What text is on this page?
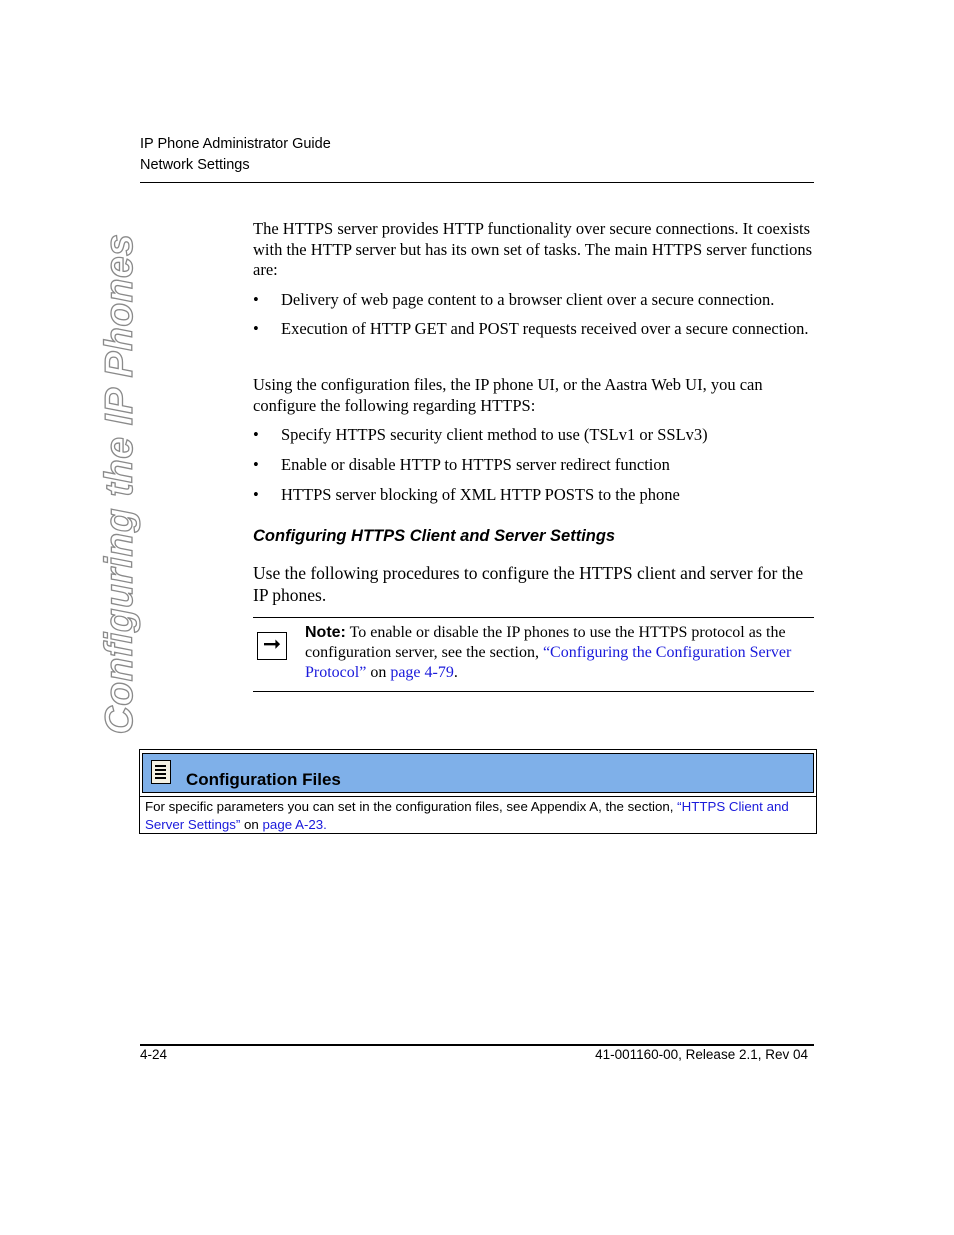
IP Phone Administrator Guide
Network Settings
Configuring the IP Phones
The HTTPS server provides HTTP functionality over secure connections. It coexists with the HTTP server but has its own set of tasks. The main HTTPS server functions are:
• Delivery of web page content to a browser client over a secure connection.
• Execution of HTTP GET and POST requests received over a secure connection.
Using the configuration files, the IP phone UI, or the Aastra Web UI, you can configure the following regarding HTTPS:
• Specify HTTPS security client method to use (TSLv1 or SSLv3)
• Enable or disable HTTP to HTTPS server redirect function
• HTTPS server blocking of XML HTTP POSTS to the phone
Configuring HTTPS Client and Server Settings
Use the following procedures to configure the HTTPS client and server for the IP phones.
➞	Note: To enable or disable the IP phones to use the HTTPS protocol as the configuration server, see the section, “Configuring the Configuration Server Protocol” on page 4-79.
Configuration Files
For specific parameters you can set in the configuration files, see Appendix A, the section, “HTTPS Client and Server Settings” on page A-23.
4-24	41-001160-00, Release 2.1, Rev 04
